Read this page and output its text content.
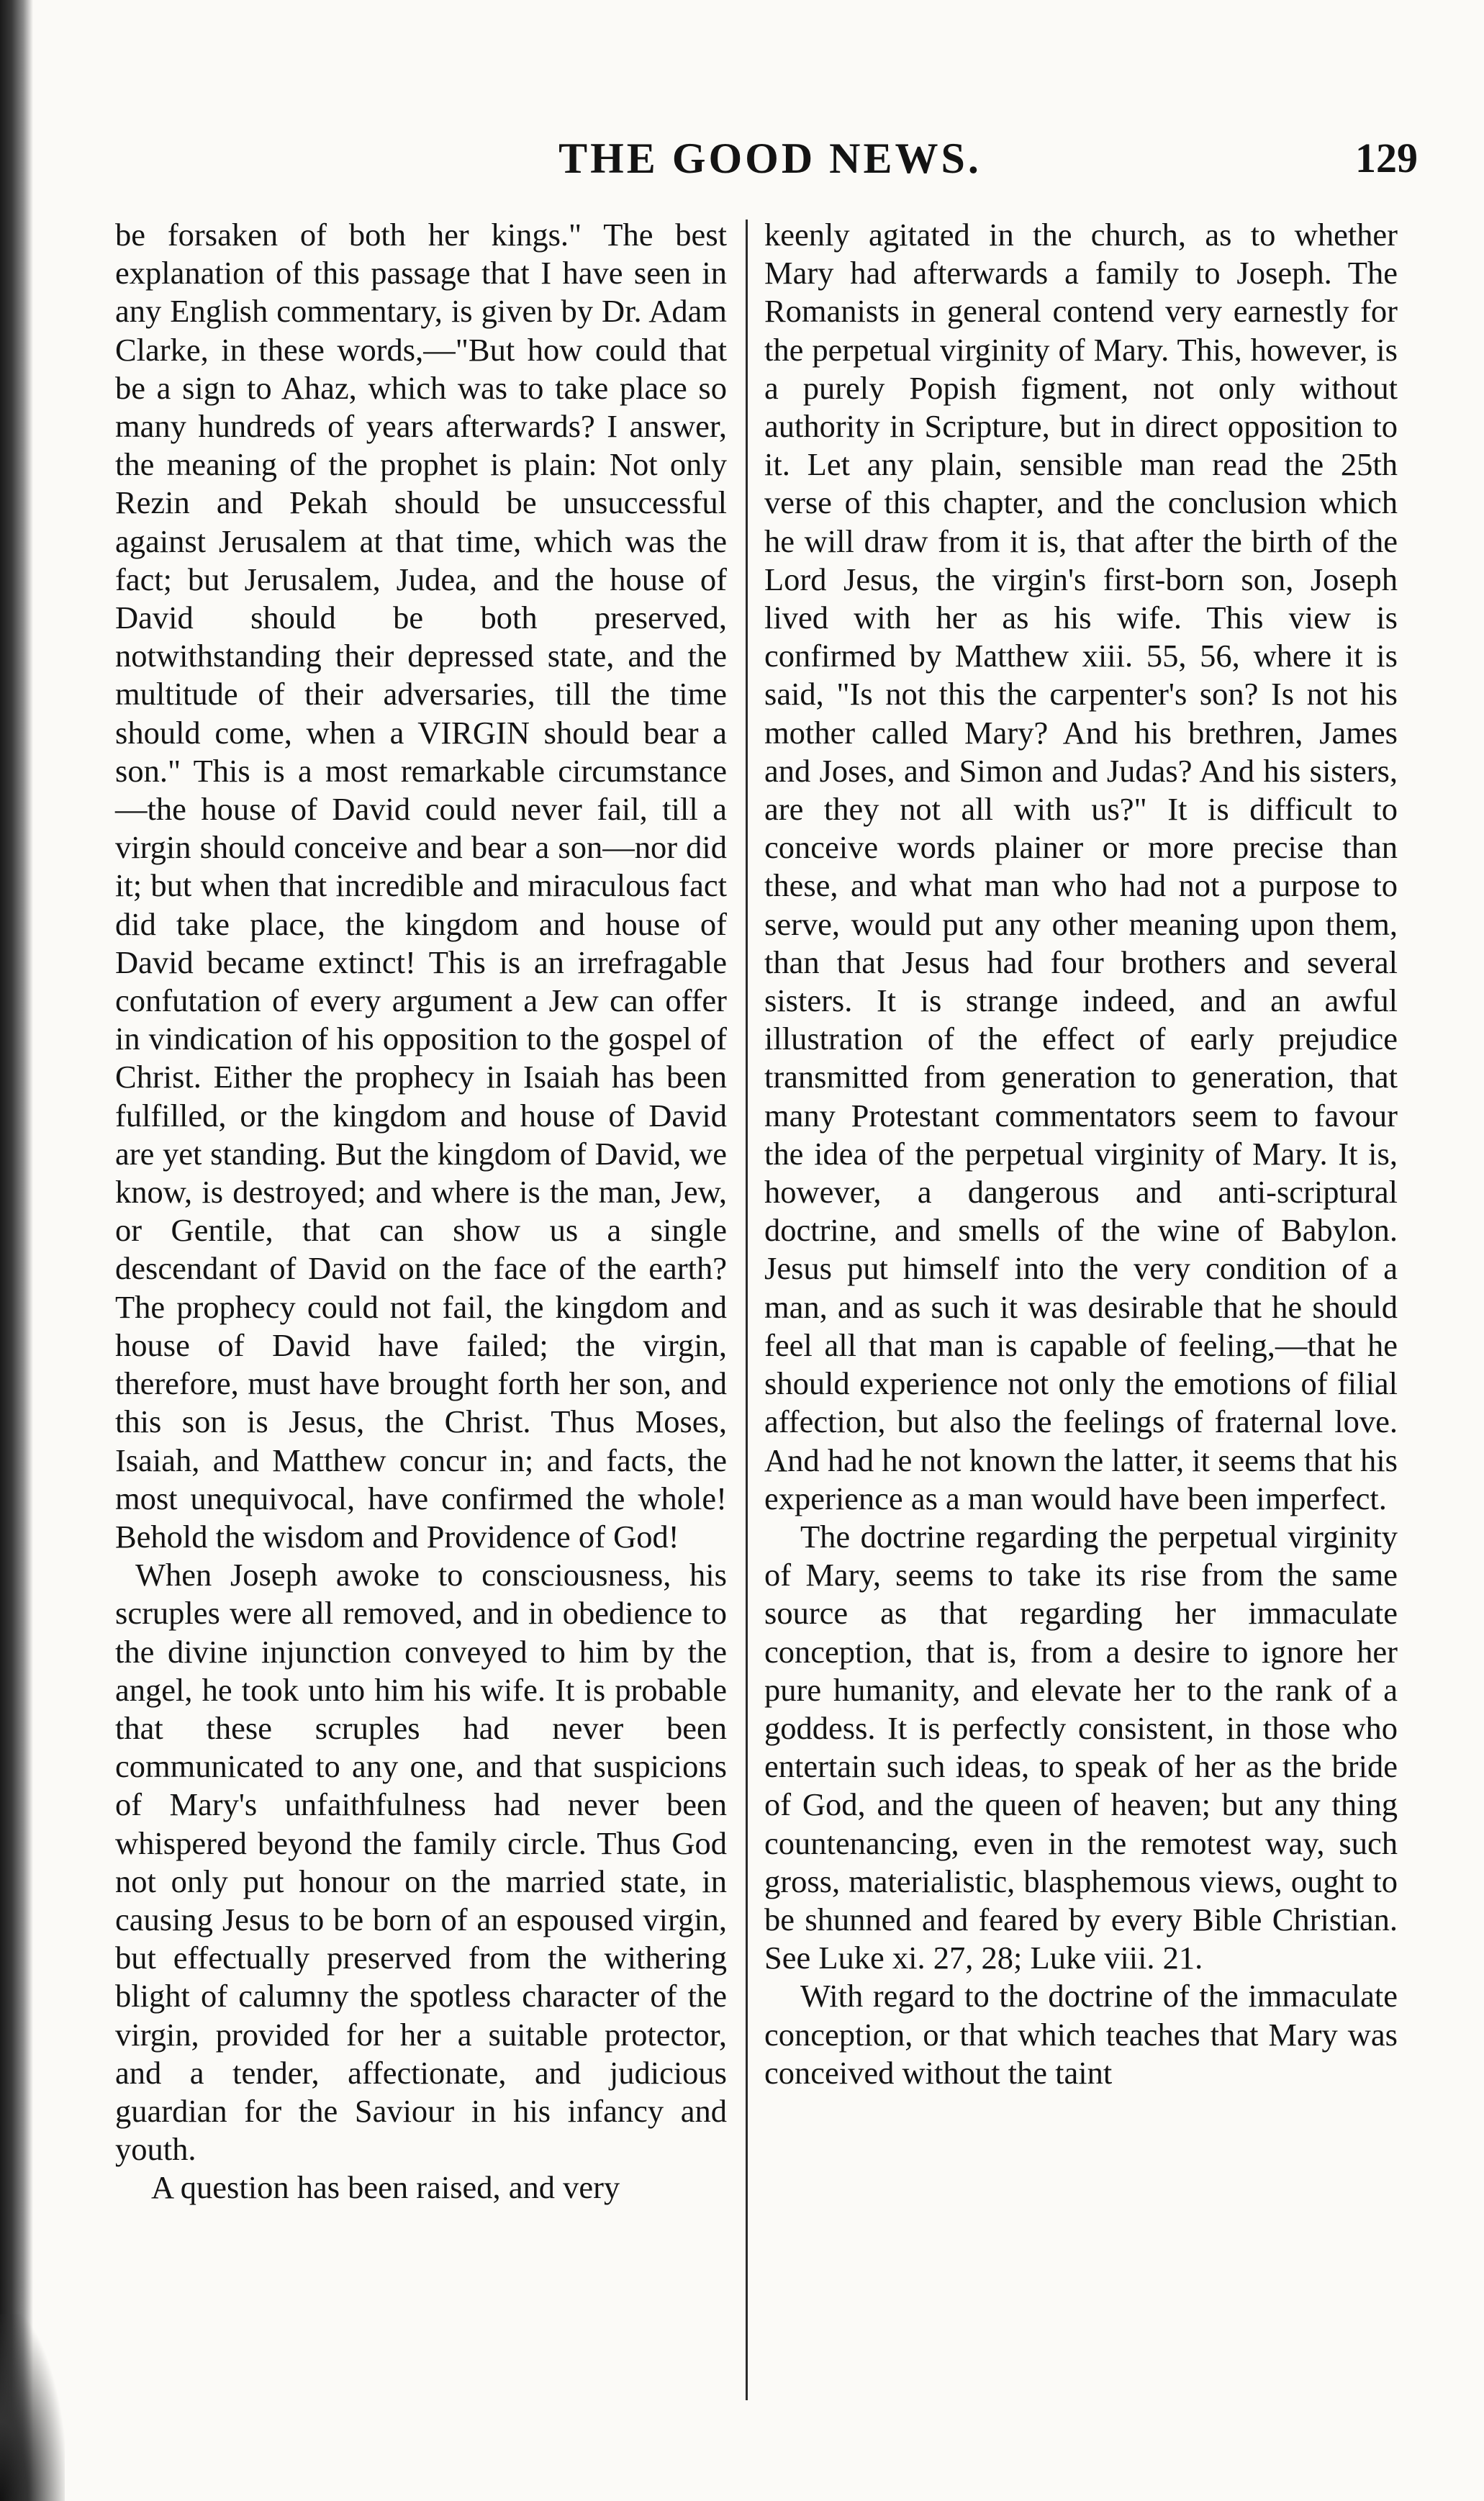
THE GOOD NEWS.	129

be forsaken of both her kings." The best explanation of this passage that I have seen in any English commentary, is given by Dr. Adam Clarke, in these words,—"But how could that be a sign to Ahaz, which was to take place so many hundreds of years afterwards? I answer, the meaning of the prophet is plain: Not only Rezin and Pekah should be unsuccessful against Jerusalem at that time, which was the fact; but Jerusalem, Judea, and the house of David should be both preserved, notwithstanding their depressed state, and the multitude of their adversaries, till the time should come, when a VIRGIN should bear a son." This is a most remarkable circumstance—the house of David could never fail, till a virgin should conceive and bear a son—nor did it; but when that incredible and miraculous fact did take place, the kingdom and house of David became extinct! This is an irrefragable confutation of every argument a Jew can offer in vindication of his opposition to the gospel of Christ. Either the prophecy in Isaiah has been fulfilled, or the kingdom and house of David are yet standing. But the kingdom of David, we know, is destroyed; and where is the man, Jew, or Gentile, that can show us a single descendant of David on the face of the earth? The prophecy could not fail, the kingdom and house of David have failed; the virgin, therefore, must have brought forth her son, and this son is Jesus, the Christ. Thus Moses, Isaiah, and Matthew concur in; and facts, the most unequivocal, have confirmed the whole! Behold the wisdom and Providence of God!

When Joseph awoke to consciousness, his scruples were all removed, and in obedience to the divine injunction conveyed to him by the angel, he took unto him his wife. It is probable that these scruples had never been communicated to any one, and that suspicions of Mary's unfaithfulness had never been whispered beyond the family circle. Thus God not only put honour on the married state, in causing Jesus to be born of an espoused virgin, but effectually preserved from the withering blight of calumny the spotless character of the virgin, provided for her a suitable protector, and a tender, affectionate, and judicious guardian for the Saviour in his infancy and youth.

A question has been raised, and very

keenly agitated in the church, as to whether Mary had afterwards a family to Joseph. The Romanists in general contend very earnestly for the perpetual virginity of Mary. This, however, is a purely Popish figment, not only without authority in Scripture, but in direct opposition to it. Let any plain, sensible man read the 25th verse of this chapter, and the conclusion which he will draw from it is, that after the birth of the Lord Jesus, the virgin's first-born son, Joseph lived with her as his wife. This view is confirmed by Matthew xiii. 55, 56, where it is said, "Is not this the carpenter's son? Is not his mother called Mary? And his brethren, James and Joses, and Simon and Judas? And his sisters, are they not all with us?" It is difficult to conceive words plainer or more precise than these, and what man who had not a purpose to serve, would put any other meaning upon them, than that Jesus had four brothers and several sisters. It is strange indeed, and an awful illustration of the effect of early prejudice transmitted from generation to generation, that many Protestant commentators seem to favour the idea of the perpetual virginity of Mary. It is, however, a dangerous and anti-scriptural doctrine, and smells of the wine of Babylon. Jesus put himself into the very condition of a man, and as such it was desirable that he should feel all that man is capable of feeling,—that he should experience not only the emotions of filial affection, but also the feelings of fraternal love. And had he not known the latter, it seems that his experience as a man would have been imperfect.

The doctrine regarding the perpetual virginity of Mary, seems to take its rise from the same source as that regarding her immaculate conception, that is, from a desire to ignore her pure humanity, and elevate her to the rank of a goddess. It is perfectly consistent, in those who entertain such ideas, to speak of her as the bride of God, and the queen of heaven; but any thing countenancing, even in the remotest way, such gross, materialistic, blasphemous views, ought to be shunned and feared by every Bible Christian. See Luke xi. 27, 28; Luke viii. 21.

With regard to the doctrine of the immaculate conception, or that which teaches that Mary was conceived without the taint
